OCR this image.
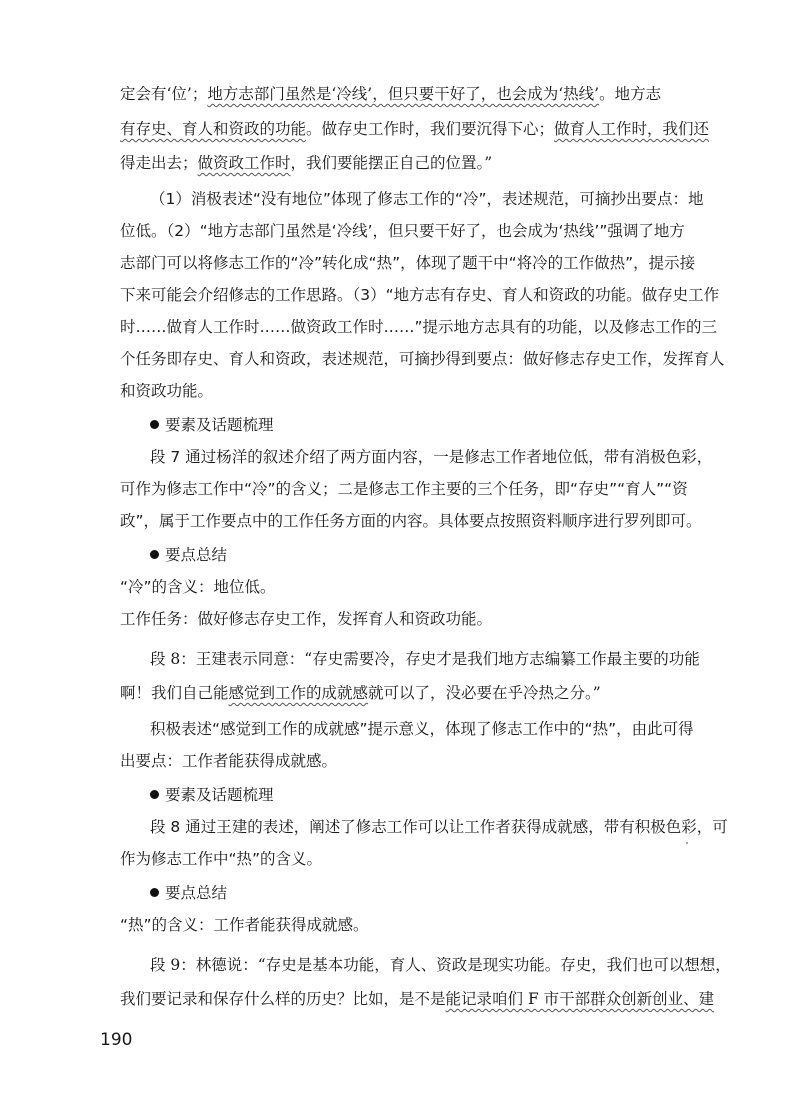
定会有‘位’；地方志部门虽然是‘冷线’，但只要干好了，也会成为‘热线’。地方志
有存史、育人和资政的功能。做存史工作时，我们要沉得下心；做育人工作时，我们还
得走出去；做资政工作时，我们要能摆正自己的位置。”
（1）消极表述“没有地位”体现了修志工作的“冷”，表述规范，可摘抄出要点：地
位低。（2）“地方志部门虽然是‘冷线’，但只要干好了，也会成为‘热线’”强调了地方
志部门可以将修志工作的“冷”转化成“热”，体现了题干中“将冷的工作做热”，提示接
下来可能会介绍修志的工作思路。（3）“地方志有存史、育人和资政的功能。做存史工作
时……做育人工作时……做资政工作时……”提示地方志具有的功能，以及修志工作的三
个任务即存史、育人和资政，表述规范，可摘抄得到要点：做好修志存史工作，发挥育人
和资政功能。
要素及话题梳理
段 7 通过杨洋的叙述介绍了两方面内容，一是修志工作者地位低，带有消极色彩，
可作为修志工作中“冷”的含义；二是修志工作主要的三个任务，即“存史”“育人”“资
政”，属于工作要点中的工作任务方面的内容。具体要点按照资料顺序进行罗列即可。
要点总结
“冷”的含义：地位低。
工作任务：做好修志存史工作，发挥育人和资政功能。
段 8：王建表示同意：“存史需要冷，存史才是我们地方志编纂工作最主要的功能
啊！我们自己能感觉到工作的成就感就可以了，没必要在乎冷热之分。”
积极表述“感觉到工作的成就感”提示意义，体现了修志工作中的“热”，由此可得
出要点：工作者能获得成就感。
要素及话题梳理
段 8 通过王建的表述，阐述了修志工作可以让工作者获得成就感，带有积极色彩，可
作为修志工作中“热”的含义。
要点总结
“热”的含义：工作者能获得成就感。
段 9：林德说：“存史是基本功能，育人、资政是现实功能。存史，我们也可以想想，
我们要记录和保存什么样的历史？比如，是不是能记录咱们 F 市干部群众创新创业、建
190
